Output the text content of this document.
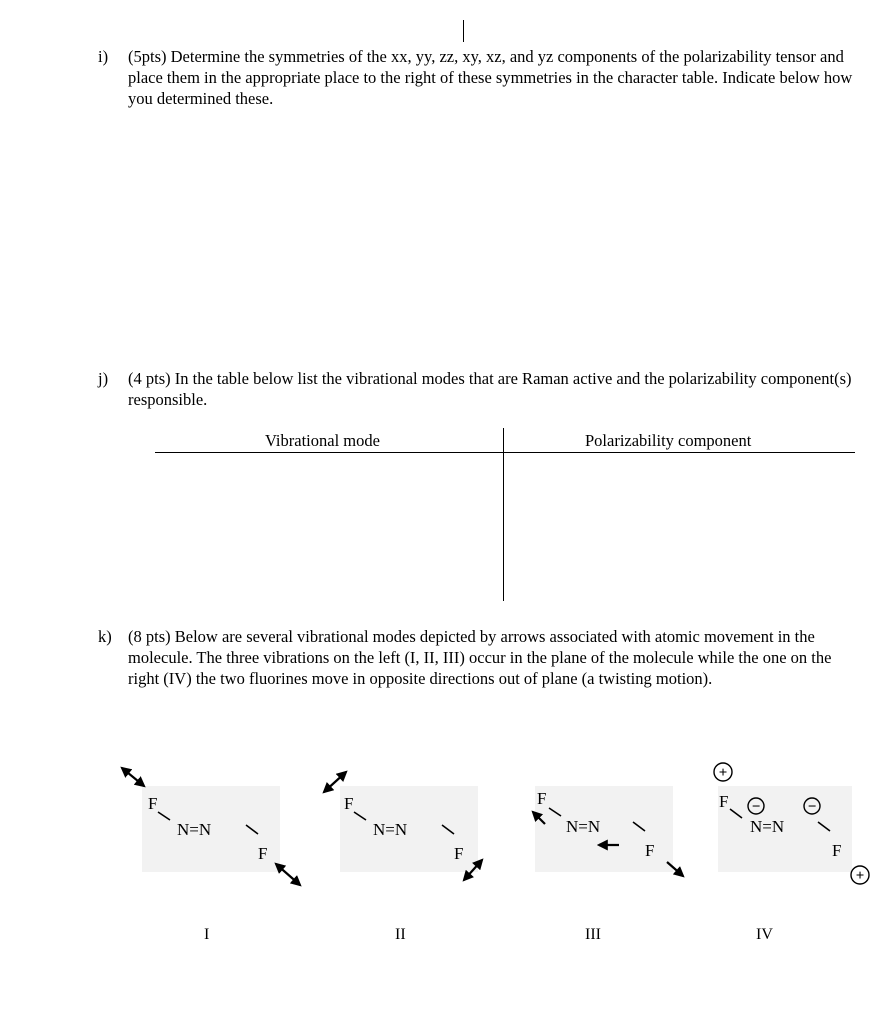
i) (5pts) Determine the symmetries of the xx, yy, zz, xy, xz, and yz components of the polarizability tensor and place them in the appropriate place to the right of these symmetries in the character table. Indicate below how you determined these.
j) (4 pts) In the table below list the vibrational modes that are Raman active and the polarizability component(s) responsible.
Vibrational mode	Polarizability component
k) (8 pts) Below are several vibrational modes depicted by arrows associated with atomic movement in the molecule. The three vibrations on the left (I, II, III) occur in the plane of the molecule while the one on the right (IV) the two fluorines move in opposite directions out of plane (a twisting motion).
F
N=N
F
F
N=N
F
F
N=N
F
+
F −	−
N=N
F
+
I	II	III	IV
